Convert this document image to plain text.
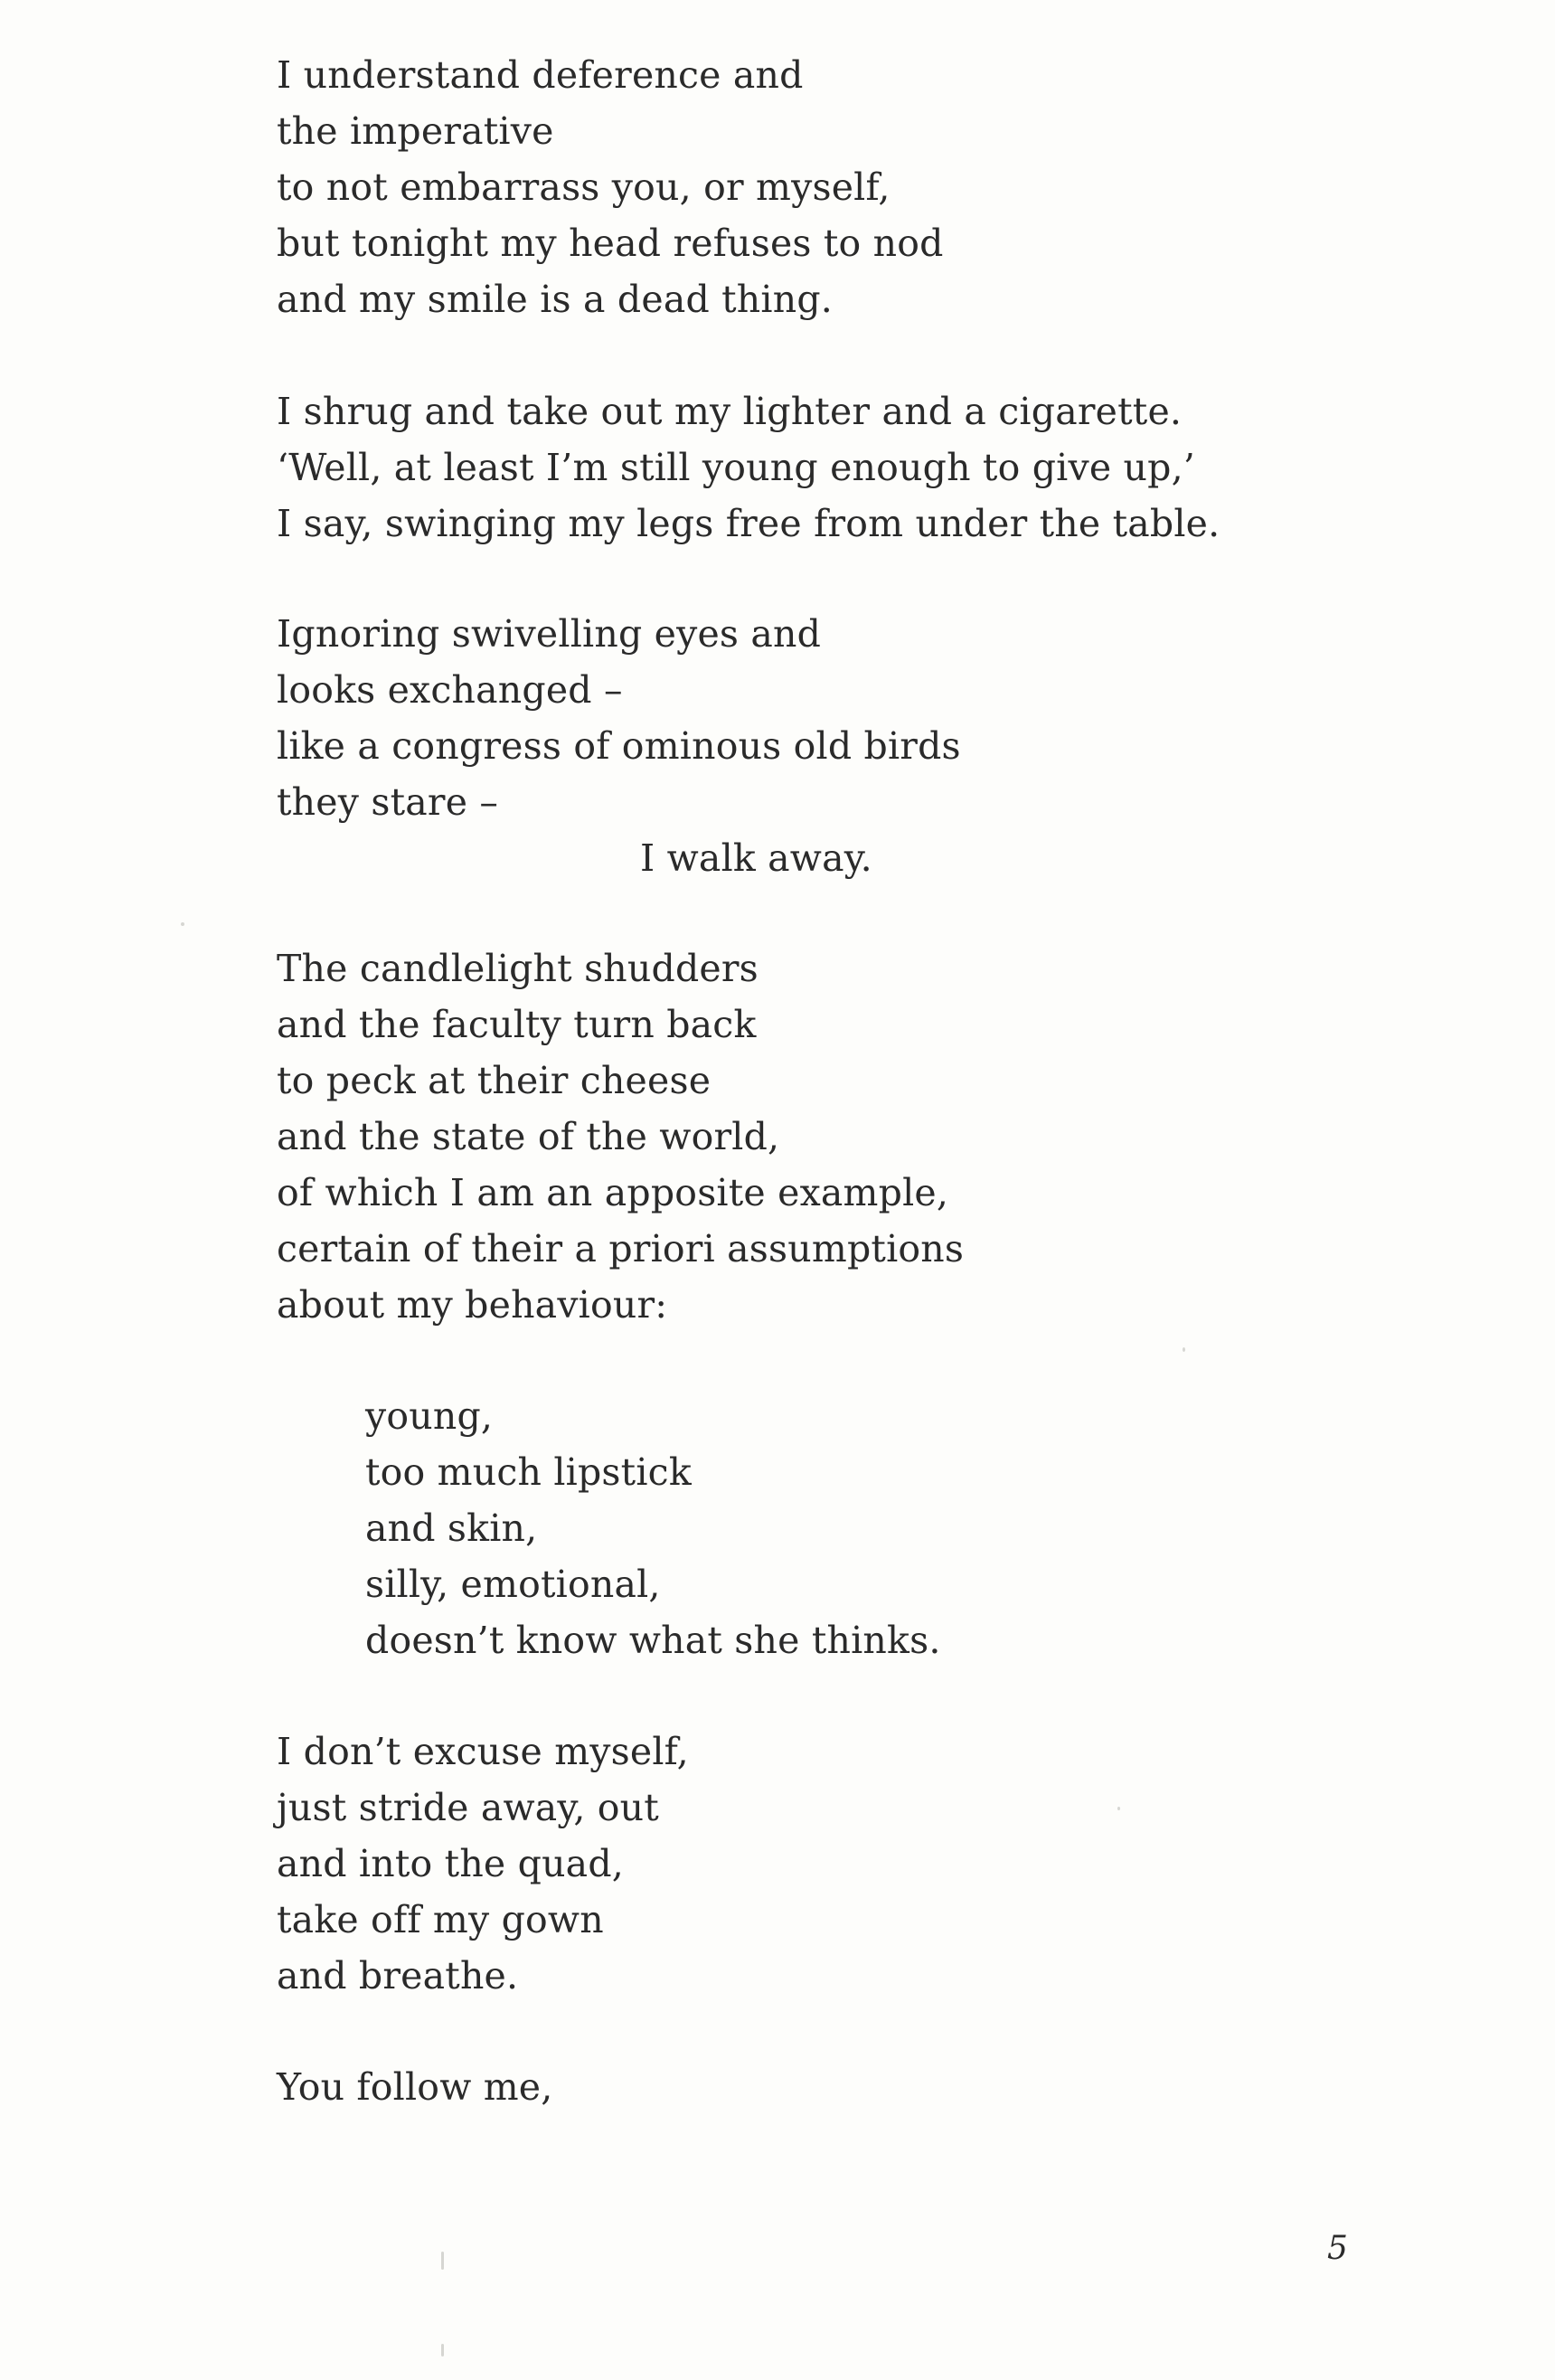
I understand deference and
the imperative
to not embarrass you, or myself,
but tonight my head refuses to nod
and my smile is a dead thing.
I shrug and take out my lighter and a cigarette.
‘Well, at least I’m still young enough to give up,’
I say, swinging my legs free from under the table.
Ignoring swivelling eyes and
looks exchanged –
like a congress of ominous old birds
they stare –
I walk away.
The candlelight shudders
and the faculty turn back
to peck at their cheese
and the state of the world,
of which I am an apposite example,
certain of their a priori assumptions
about my behaviour:
young,
too much lipstick
and skin,
silly, emotional,
doesn’t know what she thinks.
I don’t excuse myself,
just stride away, out
and into the quad,
take off my gown
and breathe.
You follow me,
5
